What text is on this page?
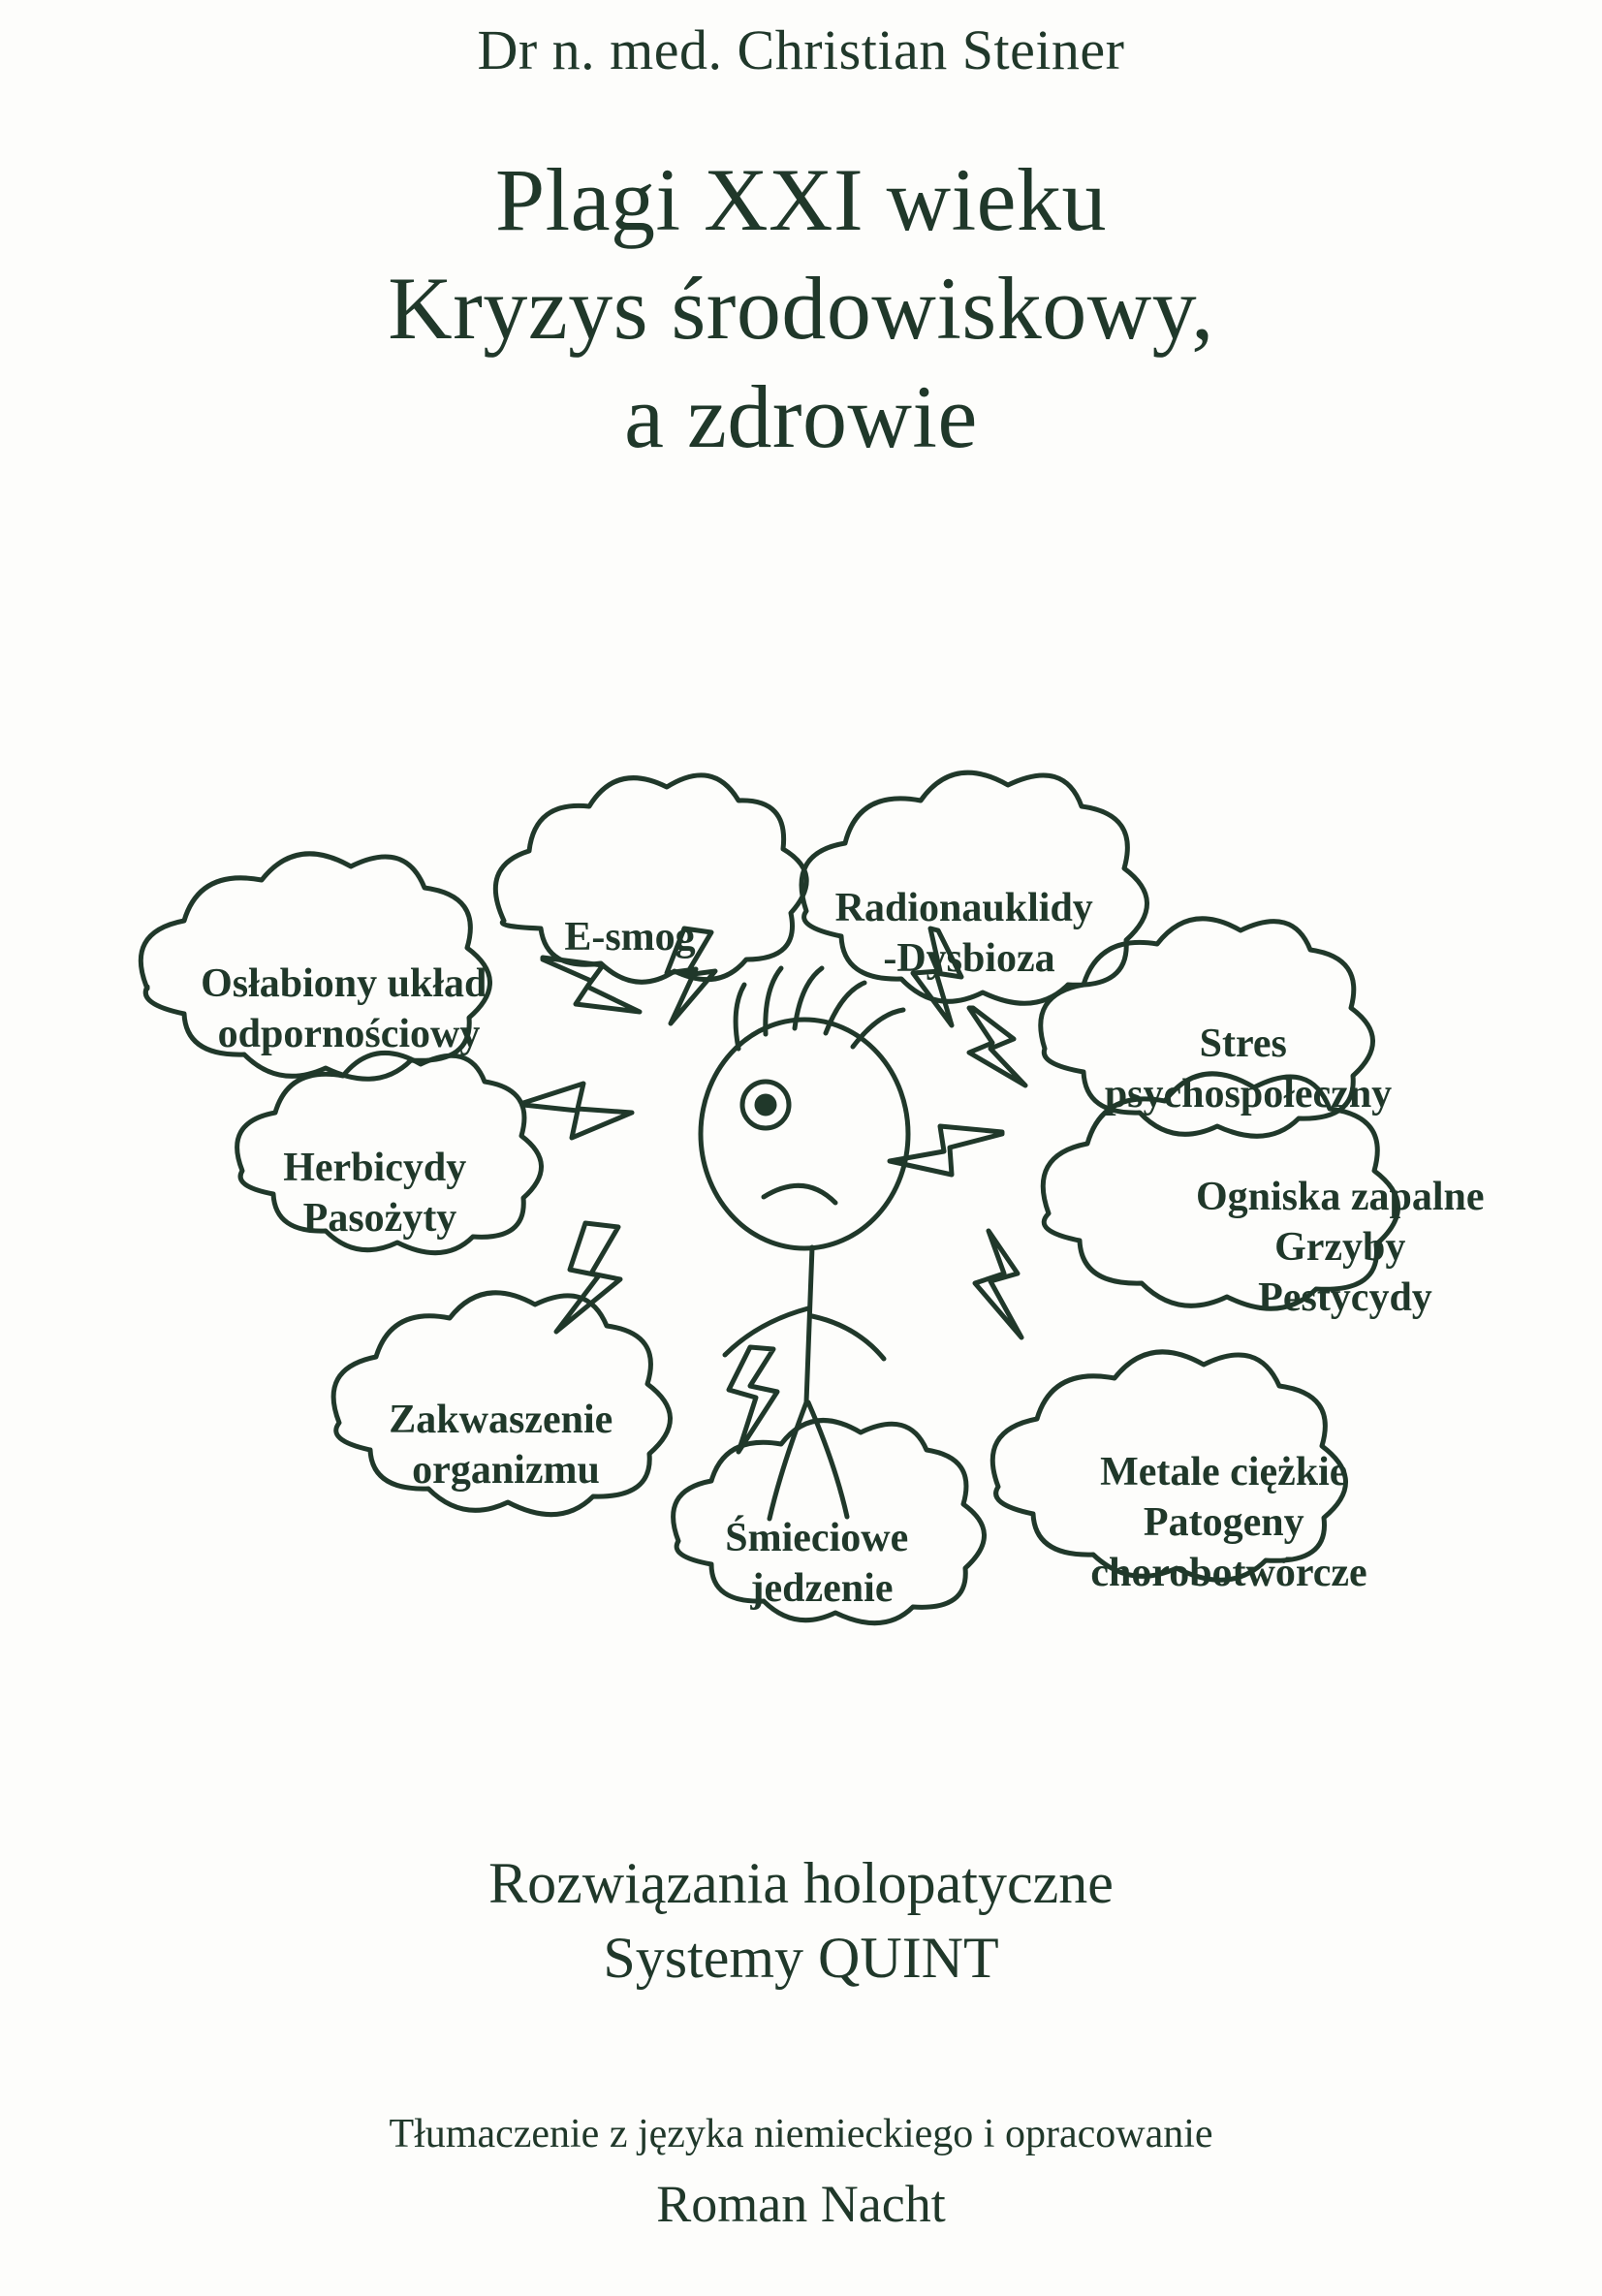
Dr n. med. Christian Steiner
Plagi XXI wieku
Kryzys środowiskowy,
a zdrowie
E-smog
Radionauklidy -Dysbioza
Stres psychospołeczny
Osłabiony układ odpornościowy
Ogniska zapalne Grzyby Pestycydy
Herbicydy Pasożyty
Metale ciężkie Patogeny chorobotwórcze
Zakwaszenie organizmu
Śmieciowe jedzenie
Rozwiązania holopatyczne
Systemy QUINT
Tłumaczenie z języka niemieckiego i opracowanie
Roman Nacht
